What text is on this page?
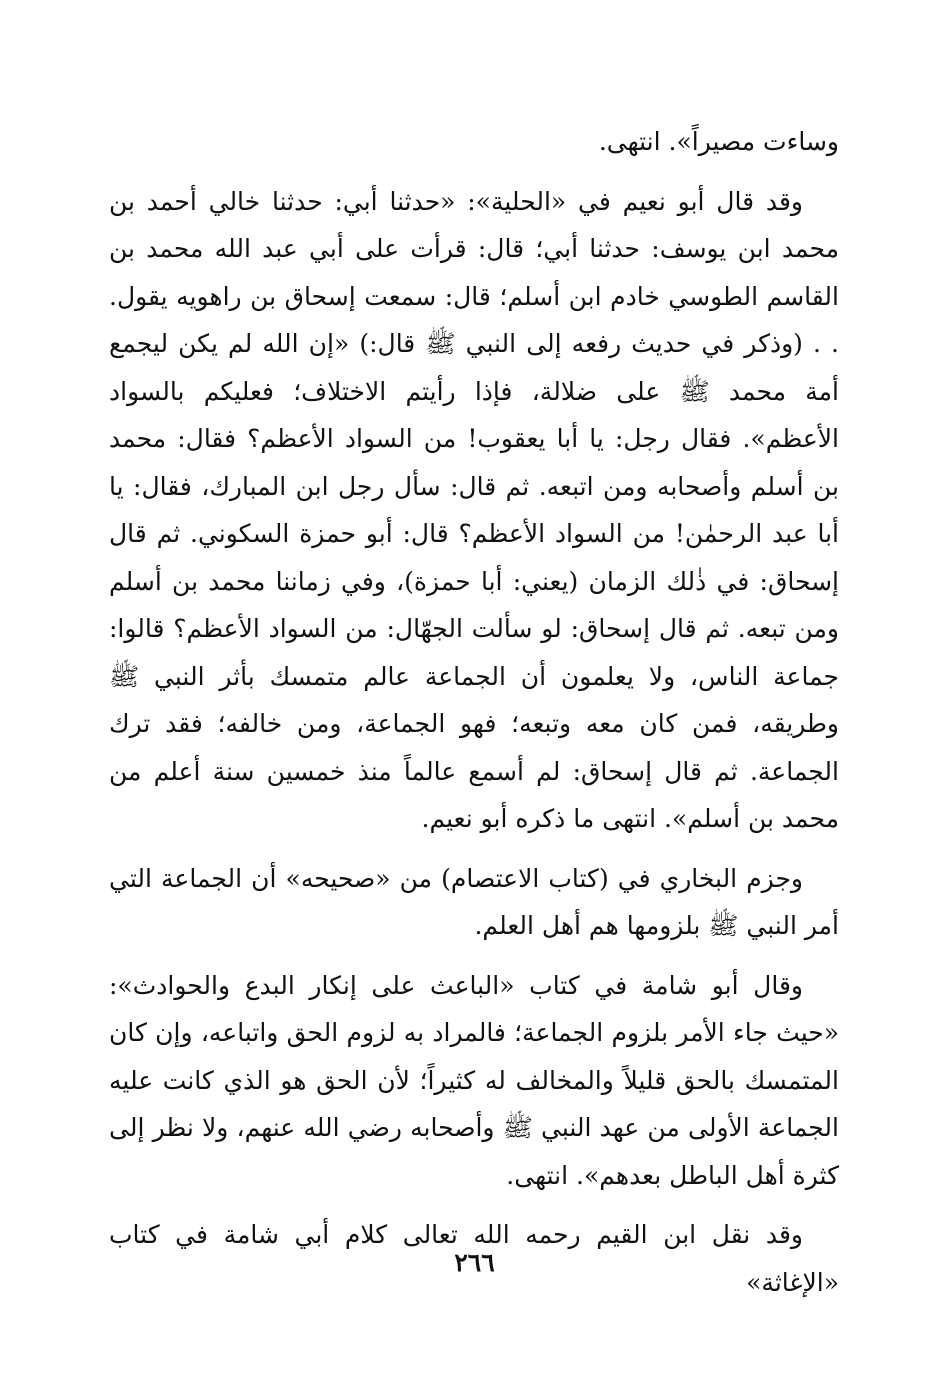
وساءت مصيراً». انتهى.

وقد قال أبو نعيم في «الحلية»: «حدثنا أبي: حدثنا خالي أحمد بن محمد ابن يوسف: حدثنا أبي؛ قال: قرأت على أبي عبد الله محمد بن القاسم الطوسي خادم ابن أسلم؛ قال: سمعت إسحاق بن راهويه يقول. . . (وذكر في حديث رفعه إلى النبي ﷺ قال:) «إن الله لم يكن ليجمع أمة محمد ﷺ على ضلالة، فإذا رأيتم الاختلاف؛ فعليكم بالسواد الأعظم». فقال رجل: يا أبا يعقوب! من السواد الأعظم؟ فقال: محمد بن أسلم وأصحابه ومن اتبعه. ثم قال: سأل رجل ابن المبارك، فقال: يا أبا عبد الرحمٰن! من السواد الأعظم؟ قال: أبو حمزة السكوني. ثم قال إسحاق: في ذٰلك الزمان (يعني: أبا حمزة)، وفي زماننا محمد بن أسلم ومن تبعه. ثم قال إسحاق: لو سألت الجهّال: من السواد الأعظم؟ قالوا: جماعة الناس، ولا يعلمون أن الجماعة عالم متمسك بأثر النبي ﷺ وطريقه، فمن كان معه وتبعه؛ فهو الجماعة، ومن خالفه؛ فقد ترك الجماعة. ثم قال إسحاق: لم أسمع عالماً منذ خمسين سنة أعلم من محمد بن أسلم». انتهى ما ذكره أبو نعيم.

وجزم البخاري في (كتاب الاعتصام) من «صحيحه» أن الجماعة التي أمر النبي ﷺ بلزومها هم أهل العلم.

وقال أبو شامة في كتاب «الباعث على إنكار البدع والحوادث»: «حيث جاء الأمر بلزوم الجماعة؛ فالمراد به لزوم الحق واتباعه، وإن كان المتمسك بالحق قليلاً والمخالف له كثيراً؛ لأن الحق هو الذي كانت عليه الجماعة الأولى من عهد النبي ﷺ وأصحابه رضي الله عنهم، ولا نظر إلى كثرة أهل الباطل بعدهم». انتهى.

وقد نقل ابن القيم رحمه الله تعالى كلام أبي شامة في كتاب «الإغاثة»

٢٦٦
